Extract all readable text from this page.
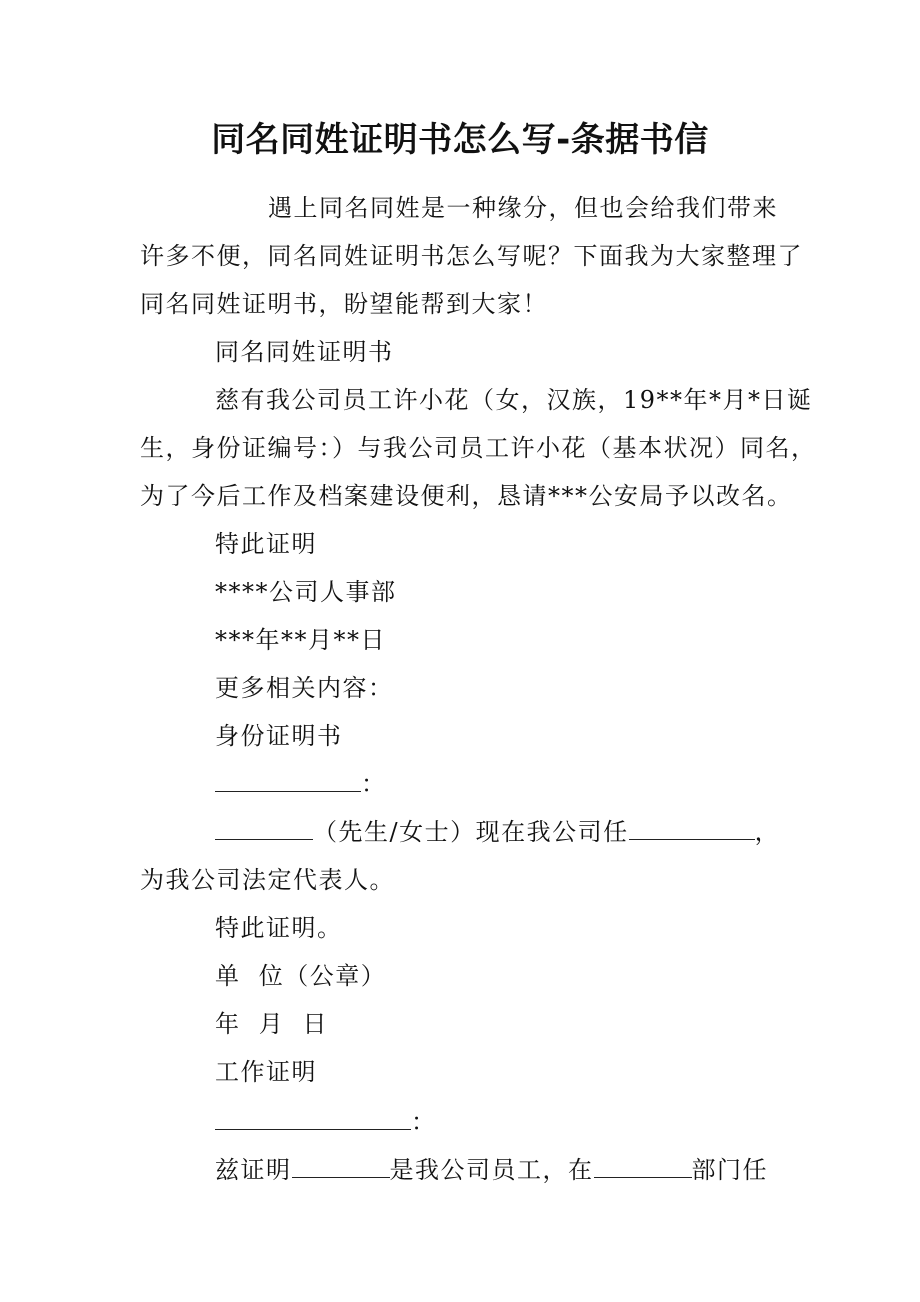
同名同姓证明书怎么写-条据书信
遇上同名同姓是一种缘分，但也会给我们带来
许多不便，同名同姓证明书怎么写呢？下面我为大家整理了
同名同姓证明书，盼望能帮到大家！
同名同姓证明书
慈有我公司员工许小花（女，汉族，19**年*月*日诞
生，身份证编号：）与我公司员工许小花（基本状况）同名，
为了今后工作及档案建设便利，恳请***公安局予以改名。
特此证明
****公司人事部
***年**月**日
更多相关内容：
身份证明书
：
（先生/女士）现在我公司任	，
为我公司法定代表人。
特此证明。
单  位（公章）
年  月  日
工作证明
：
兹证明	是我公司员工，在	部门任
